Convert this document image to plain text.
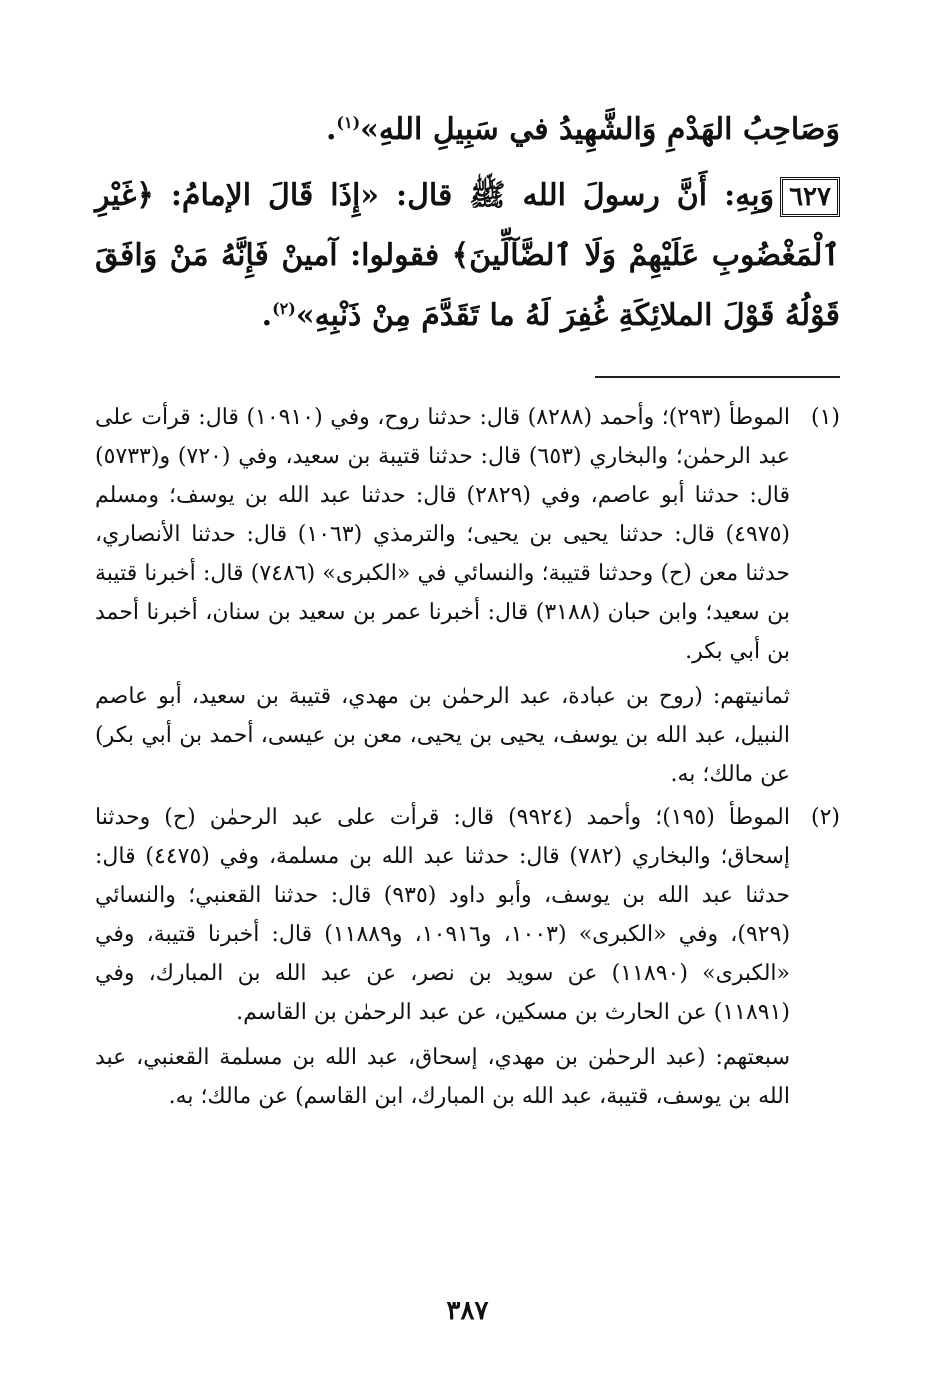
وَصَاحِبُ الهَدْمِ وَالشَّهِيدُ في سَبِيلِ اللهِ»$^{(١)}$.

٦٢٧وَبِهِ: أَنَّ رسولَ الله ﷺ قال: «إِذَا قَالَ الإمامُ: ﴿غَيْرِ ٱلْمَغْضُوبِ عَلَيْهِمْ وَلَا ٱلضَّآلِّينَ﴾ فقولوا: آمينْ فَإِنَّهُ مَنْ وَافَقَ قَوْلُهُ قَوْلَ الملائِكَةِ غُفِرَ لَهُ ما تَقَدَّمَ مِنْ ذَنْبِهِ»$^{(٢)}$.

(١)

الموطأ (٢٩٣)؛ وأحمد (٨٢٨٨) قال: حدثنا روح، وفي (١٠٩١٠) قال: قرأت على عبد الرحمٰن؛ والبخاري (٦٥٣) قال: حدثنا قتيبة بن سعيد، وفي (٧٢٠) و(٥٧٣٣) قال: حدثنا أبو عاصم، وفي (٢٨٢٩) قال: حدثنا عبد الله بن يوسف؛ ومسلم (٤٩٧٥) قال: حدثنا يحيى بن يحيى؛ والترمذي (١٠٦٣) قال: حدثنا الأنصاري، حدثنا معن (ح) وحدثنا قتيبة؛ والنسائي في «الكبرى» (٧٤٨٦) قال: أخبرنا قتيبة بن سعيد؛ وابن حبان (٣١٨٨) قال: أخبرنا عمر بن سعيد بن سنان، أخبرنا أحمد بن أبي بكر.

ثمانيتهم: (روح بن عبادة، عبد الرحمٰن بن مهدي، قتيبة بن سعيد، أبو عاصم النبيل، عبد الله بن يوسف، يحيى بن يحيى، معن بن عيسى، أحمد بن أبي بكر) عن مالك؛ به.

(٢)

الموطأ (١٩٥)؛ وأحمد (٩٩٢٤) قال: قرأت على عبد الرحمٰن (ح) وحدثنا إسحاق؛ والبخاري (٧٨٢) قال: حدثنا عبد الله بن مسلمة، وفي (٤٤٧٥) قال: حدثنا عبد الله بن يوسف، وأبو داود (٩٣٥) قال: حدثنا القعنبي؛ والنسائي (٩٢٩)، وفي «الكبرى» (١٠٠٣، و١٠٩١٦، و١١٨٨٩) قال: أخبرنا قتيبة، وفي «الكبرى» (١١٨٩٠) عن سويد بن نصر، عن عبد الله بن المبارك، وفي (١١٨٩١) عن الحارث بن مسكين، عن عبد الرحمٰن بن القاسم.

سبعتهم: (عبد الرحمٰن بن مهدي، إسحاق، عبد الله بن مسلمة القعنبي، عبد الله بن يوسف، قتيبة، عبد الله بن المبارك، ابن القاسم) عن مالك؛ به.

٣٨٧
